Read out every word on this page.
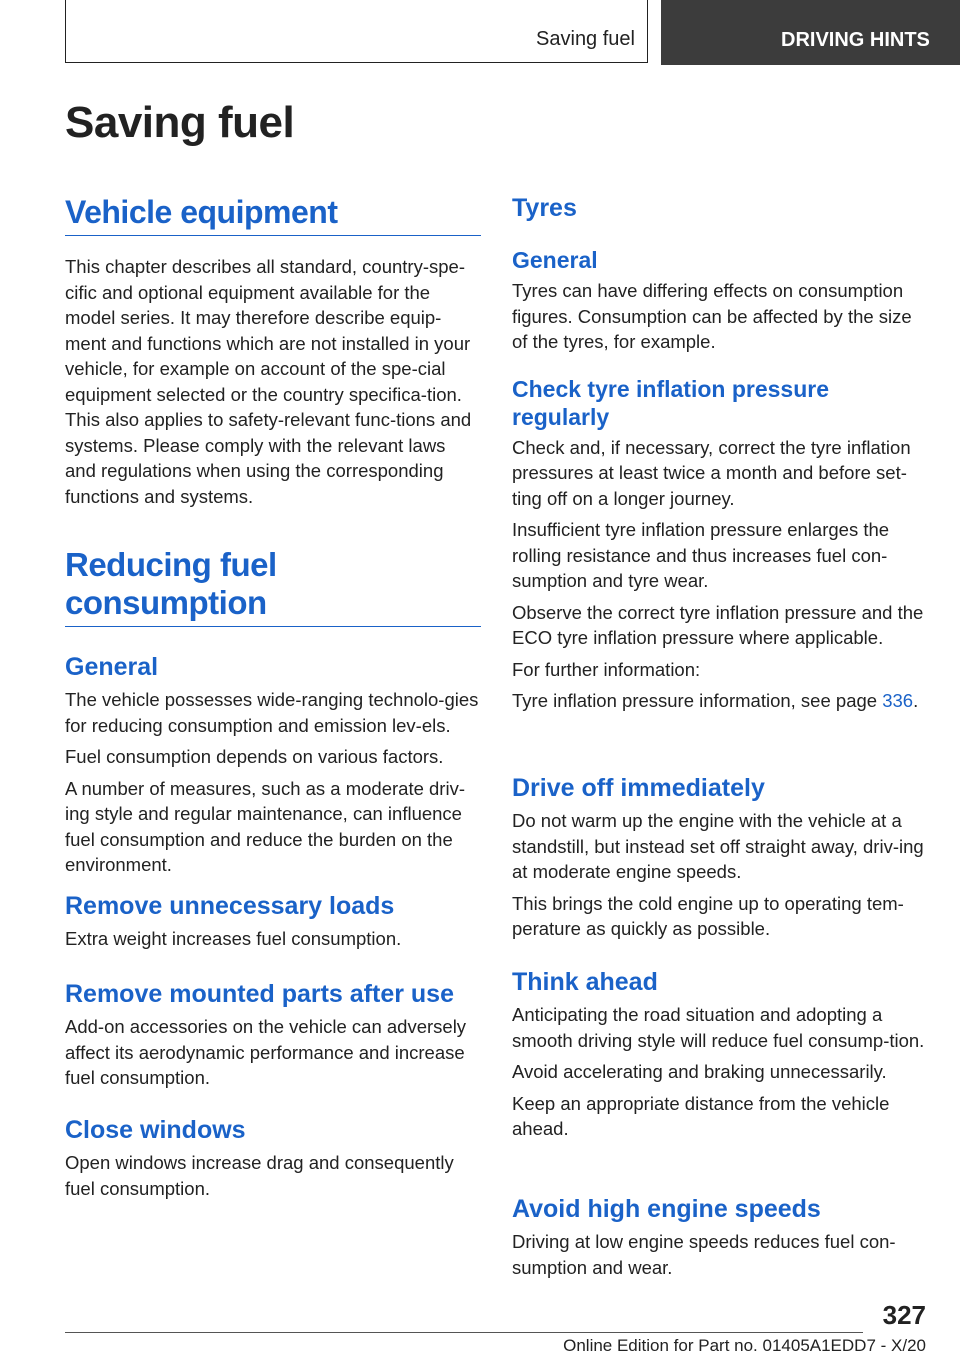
Saving fuel	DRIVING HINTS
Saving fuel
Vehicle equipment

This chapter describes all standard, country-spe-cific and optional equipment available for the model series. It may therefore describe equip-ment and functions which are not installed in your vehicle, for example on account of the spe-cial equipment selected or the country specifica-tion. This also applies to safety-relevant func-tions and systems. Please comply with the relevant laws and regulations when using the corresponding functions and systems.

Reducing fuel consumption
General

The vehicle possesses wide-ranging technolo-gies for reducing consumption and emission lev-els.

Fuel consumption depends on various factors.

A number of measures, such as a moderate driv-ing style and regular maintenance, can influence fuel consumption and reduce the burden on the environment.

Remove unnecessary loads

Extra weight increases fuel consumption.

Remove mounted parts after use

Add-on accessories on the vehicle can adversely affect its aerodynamic performance and increase fuel consumption.

Close windows

Open windows increase drag and consequently fuel consumption.

Tyres
General

Tyres can have differing effects on consumption figures. Consumption can be affected by the size of the tyres, for example.

Check tyre inflation pressure regularly

Check and, if necessary, correct the tyre inflation pressures at least twice a month and before set-ting off on a longer journey.

Insufficient tyre inflation pressure enlarges the rolling resistance and thus increases fuel con-sumption and tyre wear.

Observe the correct tyre inflation pressure and the ECO tyre inflation pressure where applicable.

For further information:

Tyre inflation pressure information, see page 336.

Drive off immediately

Do not warm up the engine with the vehicle at a standstill, but instead set off straight away, driv-ing at moderate engine speeds.

This brings the cold engine up to operating tem-perature as quickly as possible.

Think ahead

Anticipating the road situation and adopting a smooth driving style will reduce fuel consump-tion.

Avoid accelerating and braking unnecessarily.

Keep an appropriate distance from the vehicle ahead.

Avoid high engine speeds

Driving at low engine speeds reduces fuel con-sumption and wear.

327
Online Edition for Part no. 01405A1EDD7 - X/20
